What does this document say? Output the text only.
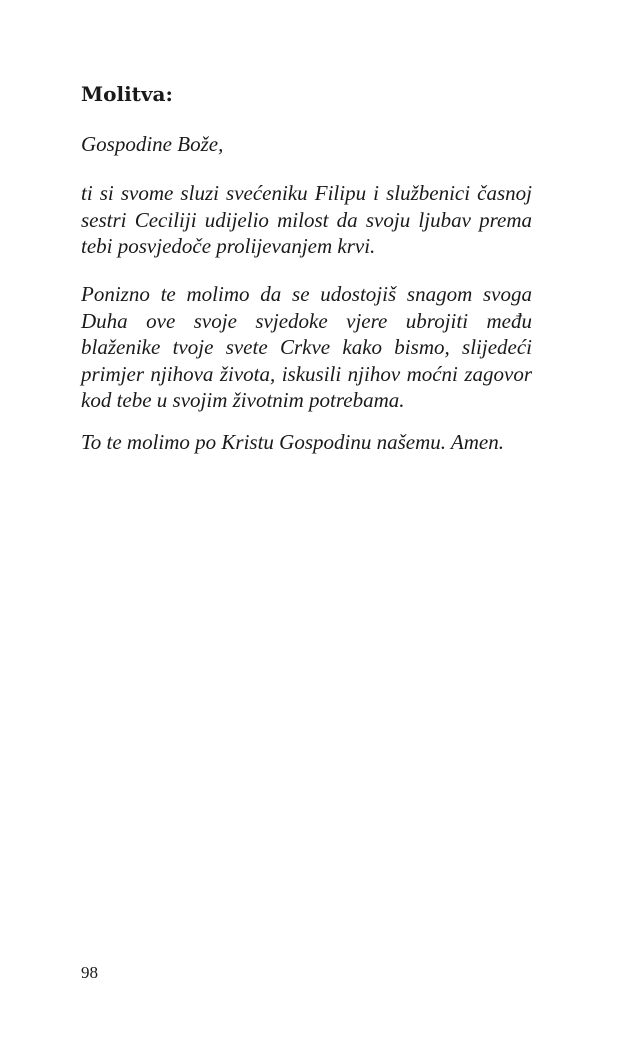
Molitva:

Gospodine Bože,

ti si svome sluzi svećeniku Filipu i službenici časnoj sestri Ceciliji udijelio milost da svoju ljubav prema tebi posvjedoče prolijevanjem krvi.

Ponizno te molimo da se udostojiš snagom svoga Duha ove svoje svjedoke vjere ubrojiti među blaženike tvoje svete Crkve kako bismo, slijedeći primjer njihova života, iskusili njihov moćni zagovor kod tebe u svojim životnim potrebama.

To te molimo po Kristu Gospodinu našemu. Amen.

98
